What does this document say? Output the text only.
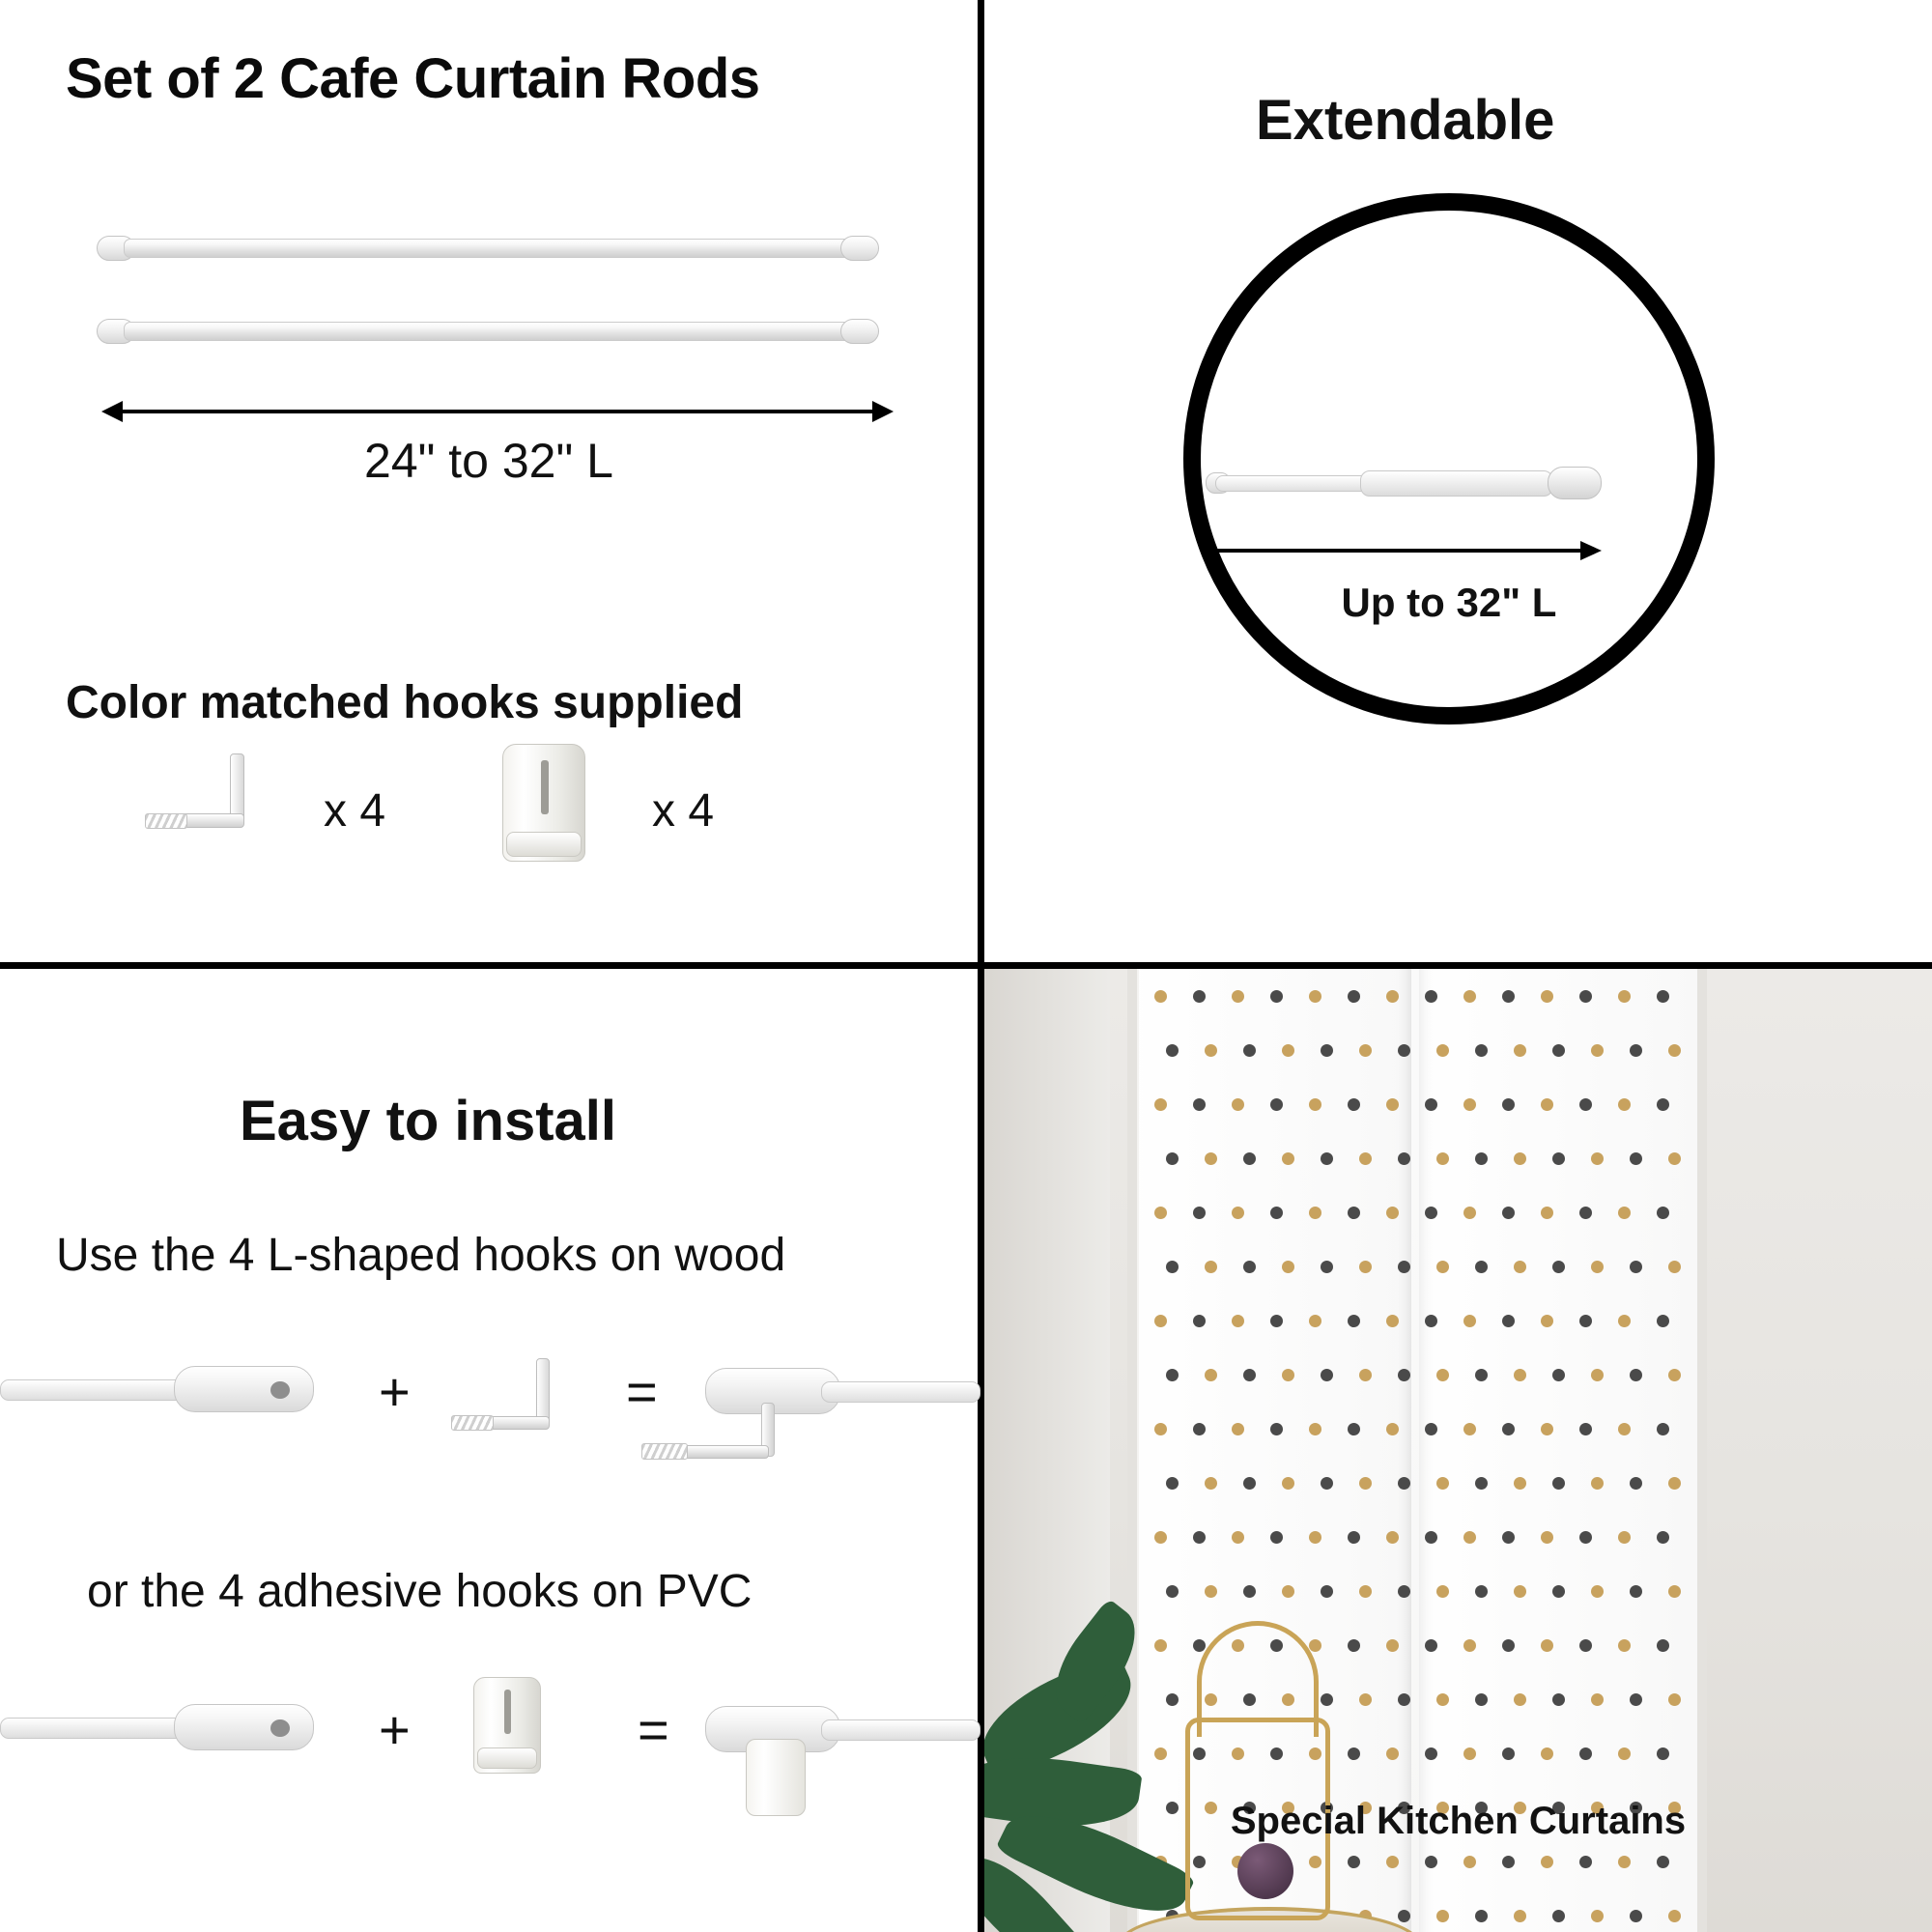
Set of 2 Cafe Curtain Rods
24" to 32" L
Color matched hooks supplied
x 4	x 4
Extendable
Up to 32" L
Easy to install
Use the 4 L-shaped hooks on wood
+	=
or the 4 adhesive hooks on PVC
+	=
Special Kitchen Curtains
